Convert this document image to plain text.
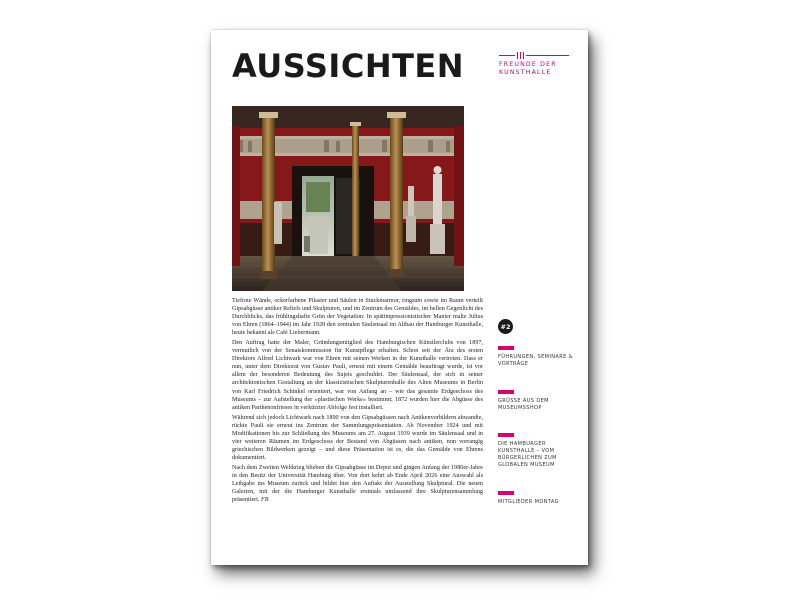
AUSSICHTEN	FREUNDE DER
KUNSTHALLE

Tiefrote Wände, ockerfarbene Pilaster und Säulen in Stuckmarmor, ringsum sowie im Raum verteilt Gipsabgüsse antiker Reliefs und Skulpturen, und im Zentrum des Gemäldes, im hellen Gegenlicht des Durchblicks, das frühlingshafte Grün der Vegetation: In spätimpressionistischer Manier malte Julius von Ehren (1864–1944) im Jahr 1928 den zentralen Säulensaal im Altbau der Hamburger Kunsthalle, heute bekannt als Café Liebermann.

Den Auftrag hatte der Maler, Gründungsmitglied des Hamburgischen Künstlerclubs von 1897, vermutlich von der Senatskommission für Kunstpflege erhalten. Schon seit der Ära des ersten Direktors Alfred Lichtwark war von Ehren mit seinen Werken in der Kunsthalle vertreten. Dass er nun, unter dem Direktorat von Gustav Pauli, erneut mit einem Gemälde beauftragt wurde, ist vor allem der besonderen Bedeutung des Sujets geschuldet. Der Säulensaal, der sich in seiner architektonischen Gestaltung an der klassizistischen Skulpturenhalle des Alten Museums in Berlin von Karl Friedrich Schinkel orientiert, war von Anfang an – wie das gesamte Erdgeschoss des Museums – zur Aufstellung der »plastischen Werke« bestimmt; 1872 wurden hier die Abgüsse des antiken Parthenonfrieses in verkürzter Abfolge fest installiert.

Während sich jedoch Lichtwark nach 1890 von den Gipsabgüssen nach Antikenvorbildern abwandte, rückte Pauli sie erneut ins Zentrum der Sammlungspräsentation. Ab November 1924 und mit Modifikationen bis zur Schließung des Museums am 27. August 1939 wurde im Säulensaal und in vier weiteren Räumen im Erdgeschoss der Bestand von Abgüssen nach antiken, nun vorrangig griechischen Bildwerken gezeigt – und diese Präsentation ist es, die das Gemälde von Ehrens dokumentiert.

Nach dem Zweiten Weltkrieg blieben die Gipsabgüsse im Depot und gingen Anfang der 1980er-Jahre in den Besitz der Universität Hamburg über. Von dort kehrt ab Ende April 2026 eine Auswahl als Leihgabe ins Museum zurück und bildet hier den Auftakt der Ausstellung Skulptural. Die neuen Galerien, mit der die Hamburger Kunsthalle erstmals umfassend ihre Skulpturensammlung präsentiert. FB

#2
FÜHRUNGEN, SEMINARE & VORTRÄGE
GRÜSSE AUS DEM MUSEUMSSHOP
DIE HAMBURGER KUNSTHALLE – VOM BÜRGERLICHEN ZUM GLOBALEN MUSEUM
MITGLIEDER MONTAG
